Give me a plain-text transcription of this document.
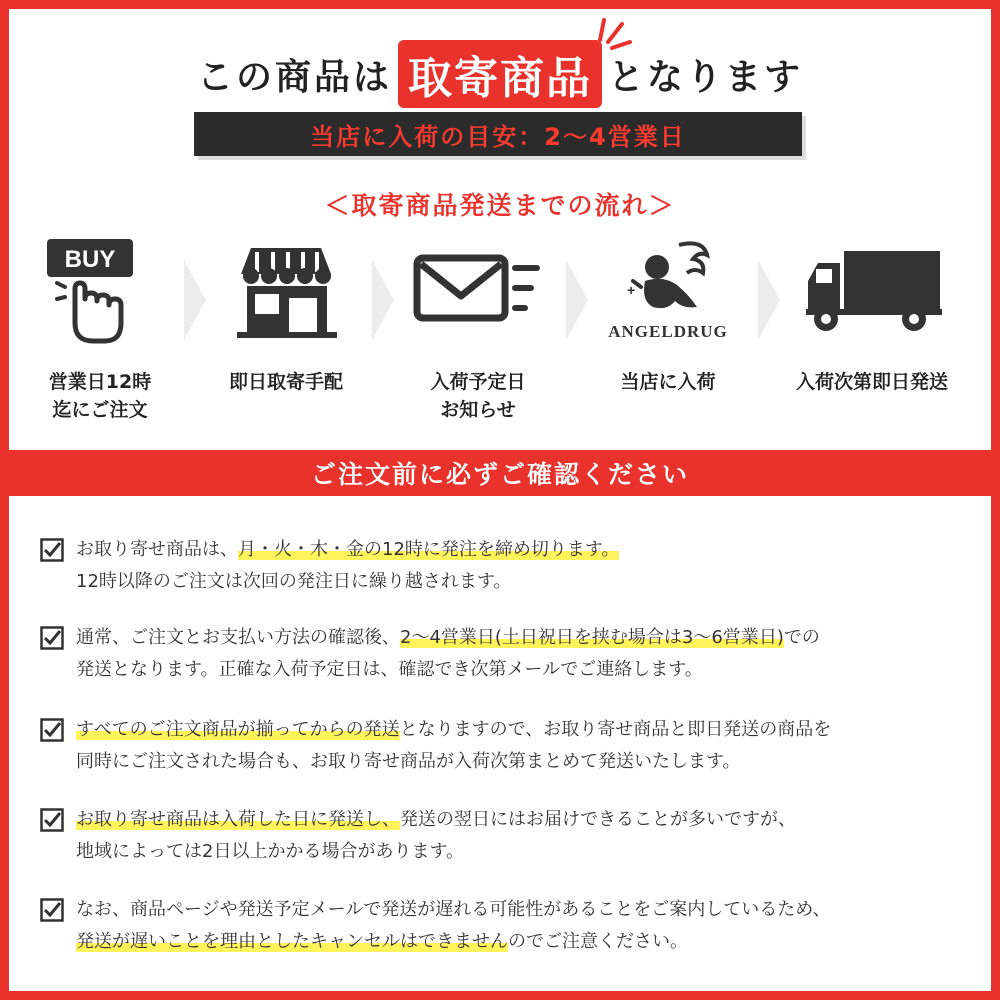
この商品は 取寄商品 となります
当店に入荷の目安：2〜4営業日
＜取寄商品発送までの流れ＞
BUY
+
ANGELDRUG
営業日12時
迄にご注文
即日取寄手配	入荷予定日
お知らせ
当店に入荷	入荷次第即日発送
ご注文前に必ずご確認ください
お取り寄せ商品は、月・火・木・金の12時に発注を締め切ります。
12時以降のご注文は次回の発注日に繰り越されます。
通常、ご注文とお支払い方法の確認後、2〜4営業日(土日祝日を挟む場合は3〜6営業日)での
発送となります。正確な入荷予定日は、確認でき次第メールでご連絡します。
すべてのご注文商品が揃ってからの発送となりますので、お取り寄せ商品と即日発送の商品を
同時にご注文された場合も、お取り寄せ商品が入荷次第まとめて発送いたします。
お取り寄せ商品は入荷した日に発送し、発送の翌日にはお届けできることが多いですが、
地域によっては2日以上かかる場合があります。
なお、商品ページや発送予定メールで発送が遅れる可能性があることをご案内しているため、
発送が遅いことを理由としたキャンセルはできませんのでご注意ください。
